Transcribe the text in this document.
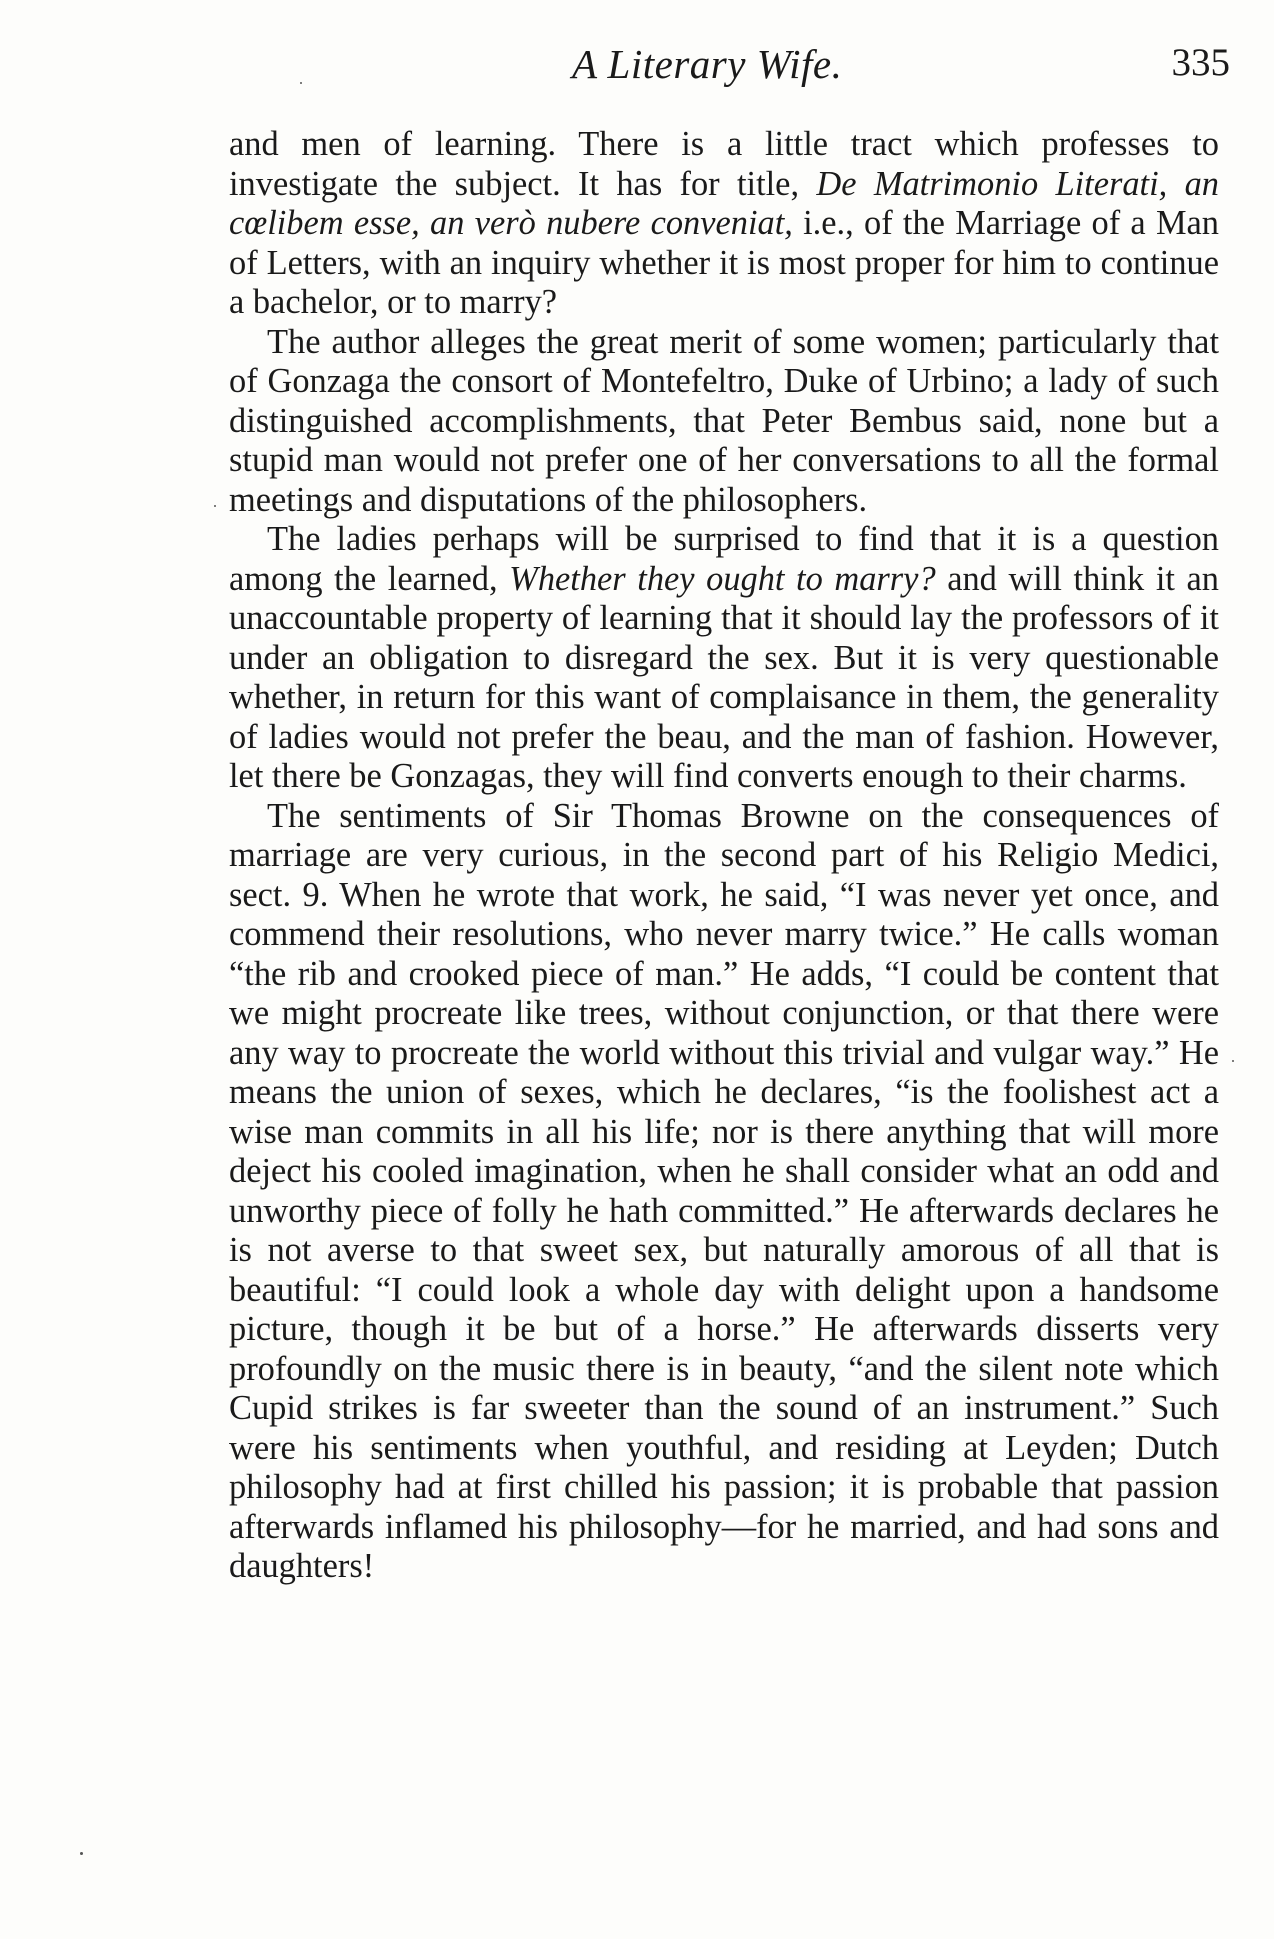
A Literary Wife.	335

and men of learning. There is a little tract which professes to investigate the subject. It has for title, De Matrimonio Literati, an cœlibem esse, an verò nubere conveniat, i.e., of the Marriage of a Man of Letters, with an inquiry whether it is most proper for him to continue a bachelor, or to marry?

The author alleges the great merit of some women; particularly that of Gonzaga the consort of Montefeltro, Duke of Urbino; a lady of such distinguished accomplishments, that Peter Bembus said, none but a stupid man would not prefer one of her conversations to all the formal meetings and disputations of the philosophers.

The ladies perhaps will be surprised to find that it is a question among the learned, Whether they ought to marry? and will think it an unaccountable property of learning that it should lay the professors of it under an obligation to disregard the sex. But it is very questionable whether, in return for this want of complaisance in them, the generality of ladies would not prefer the beau, and the man of fashion. However, let there be Gonzagas, they will find converts enough to their charms.

The sentiments of Sir Thomas Browne on the consequences of marriage are very curious, in the second part of his Religio Medici, sect. 9. When he wrote that work, he said, “I was never yet once, and commend their resolutions, who never marry twice.” He calls woman “the rib and crooked piece of man.” He adds, “I could be content that we might procreate like trees, without conjunction, or that there were any way to procreate the world without this trivial and vulgar way.” He means the union of sexes, which he declares, “is the foolishest act a wise man commits in all his life; nor is there anything that will more deject his cooled imagination, when he shall consider what an odd and unworthy piece of folly he hath committed.” He afterwards declares he is not averse to that sweet sex, but naturally amorous of all that is beautiful: “I could look a whole day with delight upon a handsome picture, though it be but of a horse.” He afterwards disserts very profoundly on the music there is in beauty, “and the silent note which Cupid strikes is far sweeter than the sound of an instrument.” Such were his sentiments when youthful, and residing at Leyden; Dutch philosophy had at first chilled his passion; it is probable that passion afterwards inflamed his philosophy—for he married, and had sons and daughters!
